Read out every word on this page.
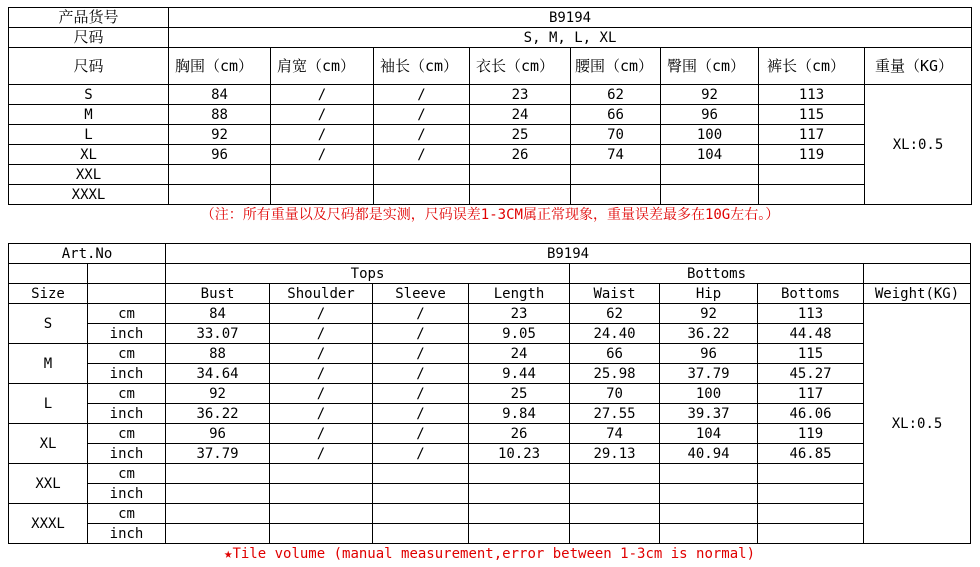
产品货号	B9194							
尺码	S, M, L, XL							
尺码	胸围（cm）	肩宽（cm）	袖长（cm）	衣长（cm）	腰围（cm）	臀围（cm）	裤长（cm）	重量（KG）
S	84	/	/	23	62	92	113	XL:0.5
M	88	/	/	24	66	96	115	
L	92	/	/	25	70	100	117	
XL	96	/	/	26	74	104	119	
XXL								
XXXL								
（注：所有重量以及尺码都是实测，尺码误差1-3CM属正常现象，重量误差最多在10G左右。）								
Art.No		B9194							
		Tops				Bottoms			
Size		Bust	Shoulder	Sleeve	Length	Waist	Hip	Bottoms	Weight(KG)
S	cm	84	/	/	23	62	92	113	XL:0.5
	inch	33.07	/	/	9.05	24.40	36.22	44.48	
M	cm	88	/	/	24	66	96	115	
	inch	34.64	/	/	9.44	25.98	37.79	45.27	
L	cm	92	/	/	25	70	100	117	
	inch	36.22	/	/	9.84	27.55	39.37	46.06	
XL	cm	96	/	/	26	74	104	119	
	inch	37.79	/	/	10.23	29.13	40.94	46.85	
XXL	cm								
	inch								
XXXL	cm								
	inch								
★Tile volume (manual measurement,error between 1-3cm is normal)									
